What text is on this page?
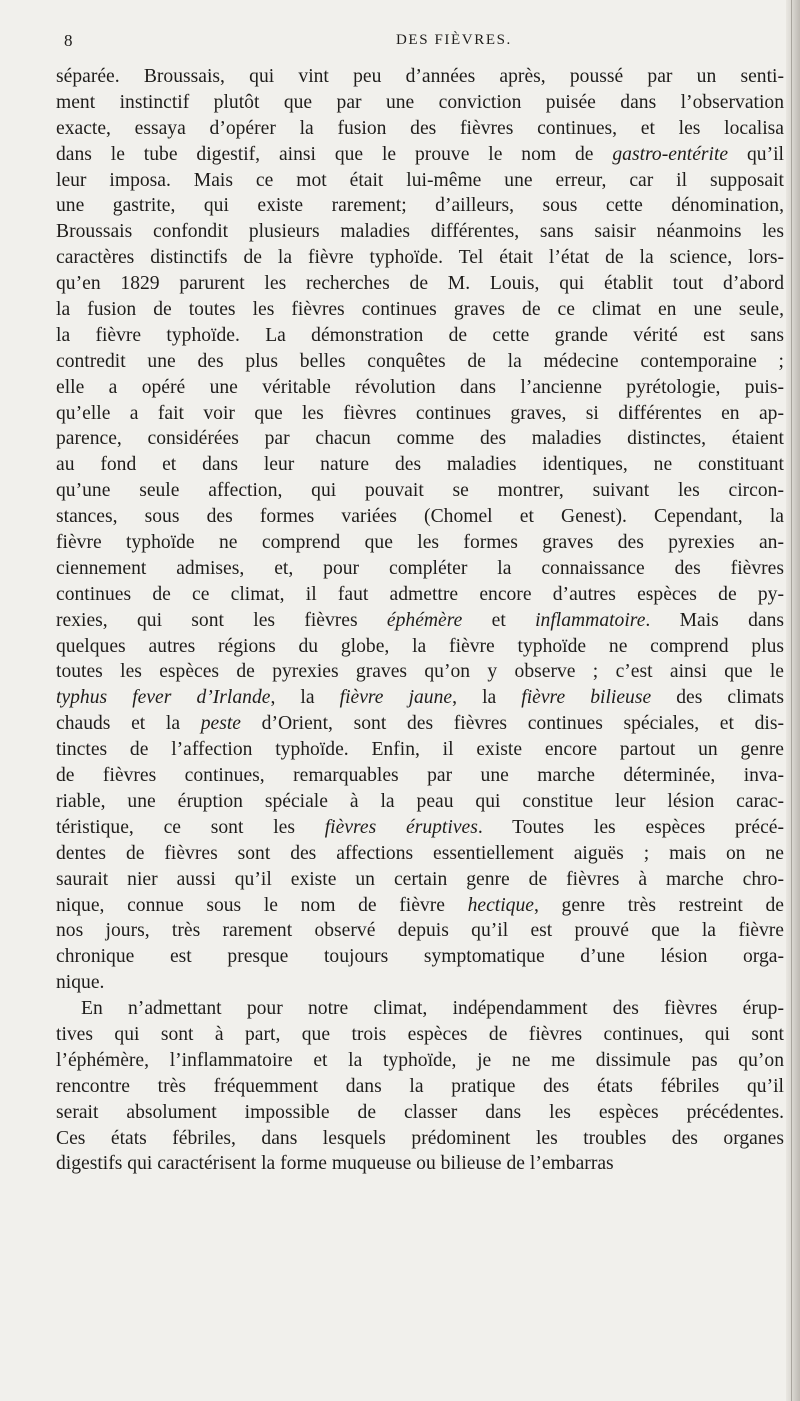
8	DES FIÈVRES.
séparée. Broussais, qui vint peu d’années après, poussé par un senti-
ment instinctif plutôt que par une conviction puisée dans l’observation
exacte, essaya d’opérer la fusion des fièvres continues, et les localisa
dans le tube digestif, ainsi que le prouve le nom de gastro-entérite qu’il
leur imposa. Mais ce mot était lui-même une erreur, car il supposait
une gastrite, qui existe rarement; d’ailleurs, sous cette dénomination,
Broussais confondit plusieurs maladies différentes, sans saisir néanmoins les
caractères distinctifs de la fièvre typhoïde. Tel était l’état de la science, lors-
qu’en 1829 parurent les recherches de M. Louis, qui établit tout d’abord
la fusion de toutes les fièvres continues graves de ce climat en une seule,
la fièvre typhoïde. La démonstration de cette grande vérité est sans
contredit une des plus belles conquêtes de la médecine contemporaine ;
elle a opéré une véritable révolution dans l’ancienne pyrétologie, puis-
qu’elle a fait voir que les fièvres continues graves, si différentes en ap-
parence, considérées par chacun comme des maladies distinctes, étaient
au fond et dans leur nature des maladies identiques, ne constituant
qu’une seule affection, qui pouvait se montrer, suivant les circon-
stances, sous des formes variées (Chomel et Genest). Cependant, la
fièvre typhoïde ne comprend que les formes graves des pyrexies an-
ciennement admises, et, pour compléter la connaissance des fièvres
continues de ce climat, il faut admettre encore d’autres espèces de py-
rexies, qui sont les fièvres éphémère et inflammatoire. Mais dans
quelques autres régions du globe, la fièvre typhoïde ne comprend plus
toutes les espèces de pyrexies graves qu’on y observe ; c’est ainsi que le
typhus fever d’Irlande, la fièvre jaune, la fièvre bilieuse des climats
chauds et la peste d’Orient, sont des fièvres continues spéciales, et dis-
tinctes de l’affection typhoïde. Enfin, il existe encore partout un genre
de fièvres continues, remarquables par une marche déterminée, inva-
riable, une éruption spéciale à la peau qui constitue leur lésion carac-
téristique, ce sont les fièvres éruptives. Toutes les espèces précé-
dentes de fièvres sont des affections essentiellement aiguës ; mais on ne
saurait nier aussi qu’il existe un certain genre de fièvres à marche chro-
nique, connue sous le nom de fièvre hectique, genre très restreint de
nos jours, très rarement observé depuis qu’il est prouvé que la fièvre
chronique est presque toujours symptomatique d’une lésion orga-
nique.
En n’admettant pour notre climat, indépendamment des fièvres érup-
tives qui sont à part, que trois espèces de fièvres continues, qui sont
l’éphémère, l’inflammatoire et la typhoïde, je ne me dissimule pas qu’on
rencontre très fréquemment dans la pratique des états fébriles qu’il
serait absolument impossible de classer dans les espèces précédentes.
Ces états fébriles, dans lesquels prédominent les troubles des organes
digestifs qui caractérisent la forme muqueuse ou bilieuse de l’embarras
